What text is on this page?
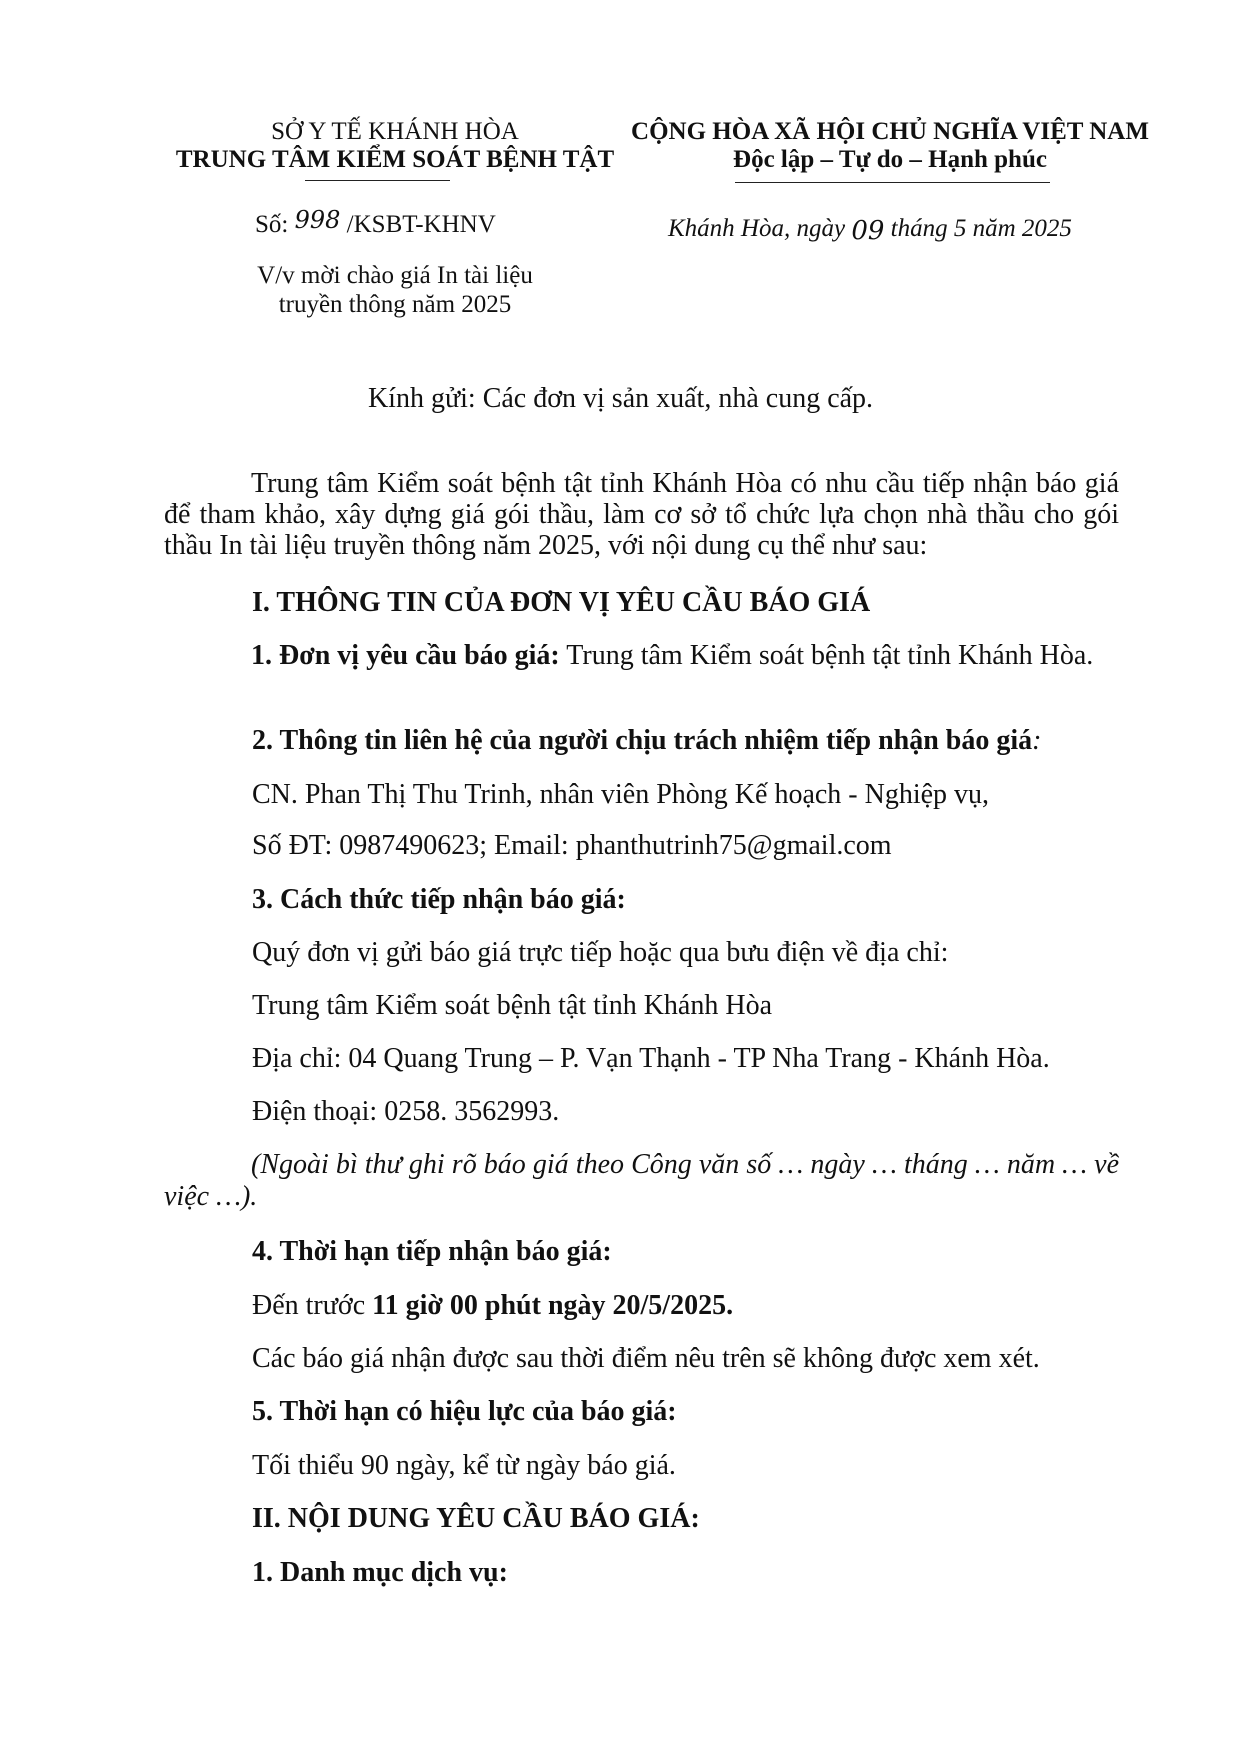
SỞ Y TẾ KHÁNH HÒA
TRUNG TÂM KIỂM SOÁT BỆNH TẬT
CỘNG HÒA XÃ HỘI CHỦ NGHĨA VIỆT NAM
Độc lập – Tự do – Hạnh phúc
Số: 998 /KSBT-KHNV	Khánh Hòa, ngày 09 tháng 5 năm 2025
V/v mời chào giá In tài liệu
truyền thông năm 2025
Kính gửi: Các đơn vị sản xuất, nhà cung cấp.
Trung tâm Kiểm soát bệnh tật tỉnh Khánh Hòa có nhu cầu tiếp nhận báo giá để tham khảo, xây dựng giá gói thầu, làm cơ sở tổ chức lựa chọn nhà thầu cho gói thầu In tài liệu truyền thông năm 2025, với nội dung cụ thể như sau:
I. THÔNG TIN CỦA ĐƠN VỊ YÊU CẦU BÁO GIÁ
1. Đơn vị yêu cầu báo giá: Trung tâm Kiểm soát bệnh tật tỉnh Khánh Hòa.
2. Thông tin liên hệ của người chịu trách nhiệm tiếp nhận báo giá:
CN. Phan Thị Thu Trinh, nhân viên Phòng Kế hoạch - Nghiệp vụ,
Số ĐT: 0987490623; Email: phanthutrinh75@gmail.com
3. Cách thức tiếp nhận báo giá:
Quý đơn vị gửi báo giá trực tiếp hoặc qua bưu điện về địa chỉ:
Trung tâm Kiểm soát bệnh tật tỉnh Khánh Hòa
Địa chỉ: 04 Quang Trung – P. Vạn Thạnh - TP Nha Trang - Khánh Hòa.
Điện thoại: 0258. 3562993.
(Ngoài bì thư ghi rõ báo giá theo Công văn số … ngày … tháng … năm … về việc …).
4. Thời hạn tiếp nhận báo giá:
Đến trước 11 giờ 00 phút ngày 20/5/2025.
Các báo giá nhận được sau thời điểm nêu trên sẽ không được xem xét.
5. Thời hạn có hiệu lực của báo giá:
Tối thiểu 90 ngày, kể từ ngày báo giá.
II. NỘI DUNG YÊU CẦU BÁO GIÁ:
1. Danh mục dịch vụ:
